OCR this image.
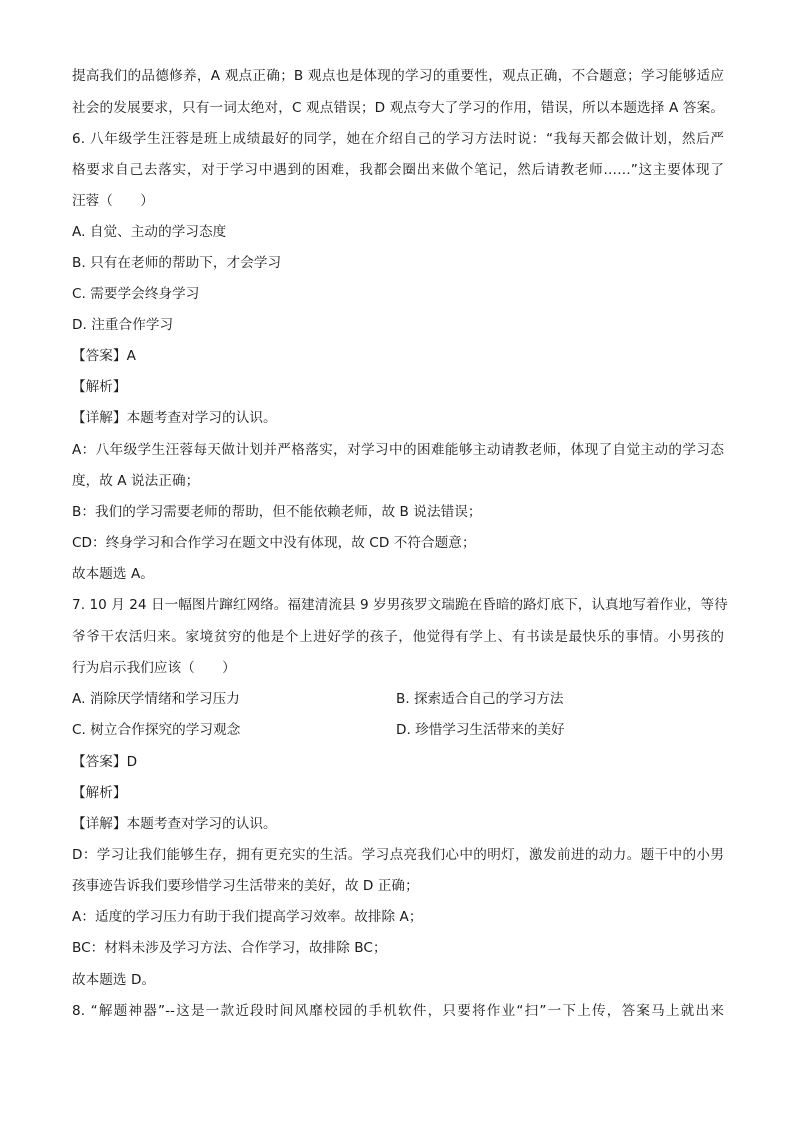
提高我们的品德修养，A 观点正确；B 观点也是体现的学习的重要性，观点正确，不合题意；学习能够适应
社会的发展要求，只有一词太绝对，C 观点错误；D 观点夸大了学习的作用，错误，所以本题选择 A 答案。
6. 八年级学生汪蓉是班上成绩最好的同学，她在介绍自己的学习方法时说：“我每天都会做计划，然后严
格要求自己去落实，对于学习中遇到的困难，我都会圈出来做个笔记，然后请教老师……”这主要体现了
汪蓉（　　）
A. 自觉、主动的学习态度
B. 只有在老师的帮助下，才会学习
C. 需要学会终身学习
D. 注重合作学习
【答案】A
【解析】
【详解】本题考查对学习的认识。
A：八年级学生汪蓉每天做计划并严格落实，对学习中的困难能够主动请教老师，体现了自觉主动的学习态
度，故 A 说法正确；
B：我们的学习需要老师的帮助，但不能依赖老师，故 B 说法错误；
CD：终身学习和合作学习在题文中没有体现，故 CD 不符合题意；
故本题选 A。
7. 10 月 24 日一幅图片蹿红网络。福建清流县 9 岁男孩罗文瑞跪在昏暗的路灯底下，认真地写着作业，等待
爷爷干农活归来。家境贫穷的他是个上进好学的孩子，他觉得有学上、有书读是最快乐的事情。小男孩的
行为启示我们应该（　　）
A. 消除厌学情绪和学习压力	B. 探索适合自己的学习方法
C. 树立合作探究的学习观念	D. 珍惜学习生活带来的美好
【答案】D
【解析】
【详解】本题考查对学习的认识。
D：学习让我们能够生存，拥有更充实的生活。学习点亮我们心中的明灯，激发前进的动力。题干中的小男
孩事迹告诉我们要珍惜学习生活带来的美好，故 D 正确；
A：适度的学习压力有助于我们提高学习效率。故排除 A；
BC：材料未涉及学习方法、合作学习，故排除 BC；
故本题选 D。
8. “解题神器”--这是一款近段时间风靡校园的手机软件，只要将作业“扫”一下上传，答案马上就出来
